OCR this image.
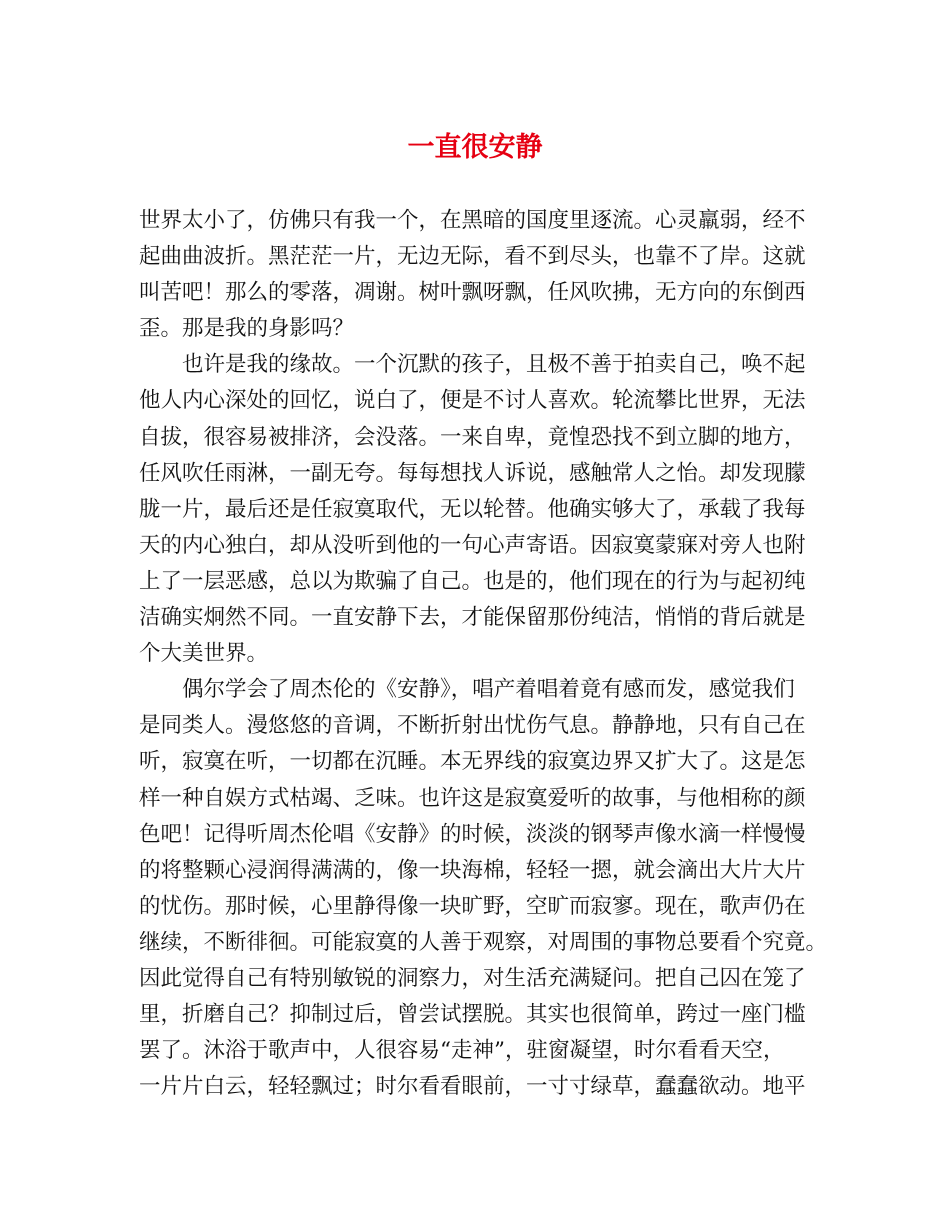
一直很安静

世界太小了，仿佛只有我一个，在黑暗的国度里逐流。心灵羸弱，经不

起曲曲波折。黑茫茫一片，无边无际，看不到尽头，也靠不了岸。这就

叫苦吧！那么的零落，凋谢。树叶飘呀飘，任风吹拂，无方向的东倒西

歪。那是我的身影吗？

　　也许是我的缘故。一个沉默的孩子，且极不善于拍卖自己，唤不起

他人内心深处的回忆，说白了，便是不讨人喜欢。轮流攀比世界，无法

自拔，很容易被排济，会没落。一来自卑，竟惶恐找不到立脚的地方，

任风吹任雨淋，一副无夸。每每想找人诉说，感触常人之怡。却发现朦

胧一片，最后还是任寂寞取代，无以轮替。他确实够大了，承载了我每

天的内心独白，却从没听到他的一句心声寄语。因寂寞蒙寐对旁人也附

上了一层恶感，总以为欺骗了自己。也是的，他们现在的行为与起初纯

洁确实炯然不同。一直安静下去，才能保留那份纯洁，悄悄的背后就是

个大美世界。

　　偶尔学会了周杰伦的《安静》，唱产着唱着竟有感而发，感觉我们

是同类人。漫悠悠的音调，不断折射出忧伤气息。静静地，只有自己在

听，寂寞在听，一切都在沉睡。本无界线的寂寞边界又扩大了。这是怎

样一种自娱方式枯竭、乏味。也许这是寂寞爱听的故事，与他相称的颜

色吧！记得听周杰伦唱《安静》的时候，淡淡的钢琴声像水滴一样慢慢

的将整颗心浸润得满满的，像一块海棉，轻轻一摁，就会滴出大片大片

的忧伤。那时候，心里静得像一块旷野，空旷而寂寥。现在，歌声仍在

继续，不断徘徊。可能寂寞的人善于观察，对周围的事物总要看个究竟。

因此觉得自己有特别敏锐的洞察力，对生活充满疑问。把自己囚在笼了

里，折磨自己？抑制过后，曾尝试摆脱。其实也很简单，跨过一座门槛

罢了。沐浴于歌声中，人很容易“走神”，驻窗凝望，时尔看看天空，

一片片白云，轻轻飘过；时尔看看眼前，一寸寸绿草，蠢蠢欲动。地平
